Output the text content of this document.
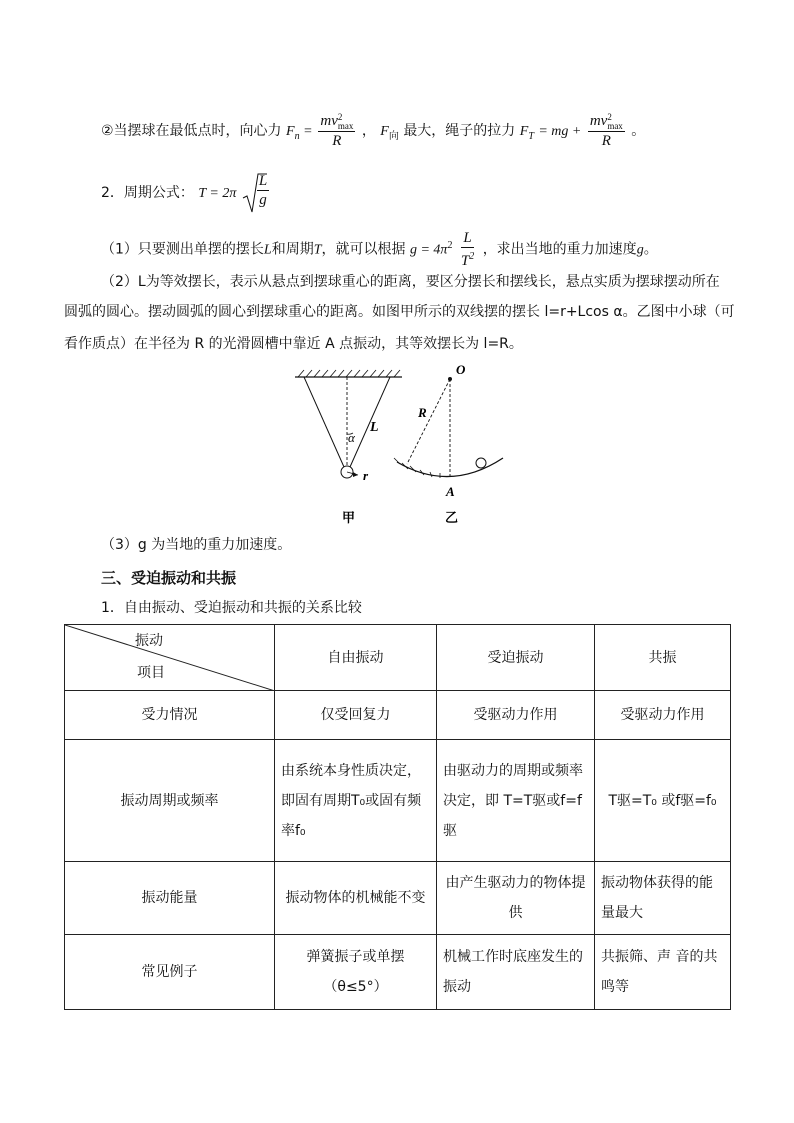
②当摆球在最低点时，向心力 $F_n$ = mv 2
max
R ， $F_向$ 最大，绳子的拉力 $F_T$ = mg + mv 2
max
R 。
2．周期公式： $T = 2\pi \frac{L}{g}$
（1）只要测出单摆的摆长L和周期T，就可以根据 $g = 4\pi^2 \frac{L}{T^2}$ ，求出当地的重力加速度g。
（2）L为等效摆长，表示从悬点到摆球重心的距离，要区分摆长和摆线长，悬点实质为摆球摆动所在
圆弧的圆心。摆动圆弧的圆心到摆球重心的距离。如图甲所示的双线摆的摆长 l=r+Lcos α。乙图中小球（可
看作质点）在半径为 R 的光滑圆槽中靠近 A 点振动，其等效摆长为 l=R。
α
L
r
O
R
A
甲	乙
（3）g 为当地的重力加速度。
三、受迫振动和共振
1．自由振动、受迫振动和共振的关系比较
振动
项目	自由振动	受迫振动	共振
受力情况	仅受回复力	受驱动力作用	受驱动力作用
振动周期或频率	由系统本身性质决定，即固有周期T₀或固有频率f₀	由驱动力的周期或频率决定，即 T=T驱或f=f驱	T驱=T₀ 或f驱=f₀
振动能量	振动物体的机械能不变	由产生驱动力的物体提供	振动物体获得的能量最大
常见例子	弹簧振子或单摆（θ≤5°）	机械工作时底座发生的振动	共振筛、声 音的共鸣等
